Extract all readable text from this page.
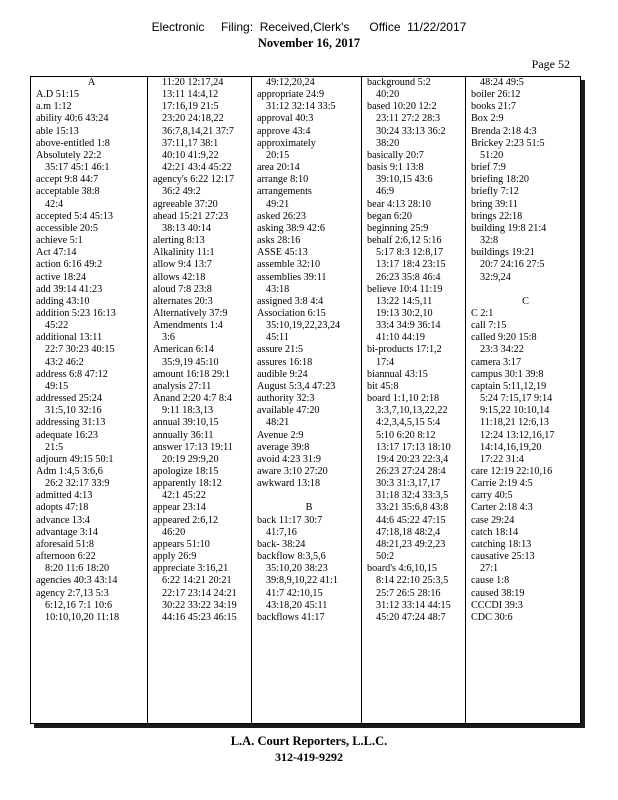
Electronic     Filing:  Received,Clerk's      Office  11/22/2017
November 16, 2017
Page 52
A
A.D 51:15
a.m 1:12
ability 40:6 43:24
able 15:13
above-entitled 1:8
Absolutely 22:2
35:17 45:1 46:1
accept 9:8 44:7
acceptable 38:8
42:4
accepted 5:4 45:13
accessible 20:5
achieve 5:1
Act 47:14
action 6:16 49:2
active 18:24
add 39:14 41:23
adding 43:10
addition 5:23 16:13
45:22
additional 13:11
22:7 30:23 40:15
43:2 46:2
address 6:8 47:12
49:15
addressed 25:24
31:5,10 32:16
addressing 31:13
adequate 16:23
21:5
adjourn 49:15 50:1
Adm 1:4,5 3:6,6
26:2 32:17 33:9
admitted 4:13
adopts 47:18
advance 13:4
advantage 3:14
aforesaid 51:8
afternoon 6:22
8:20 11:6 18:20
agencies 40:3 43:14
agency 2:7,13 5:3
6:12,16 7:1 10:6
10:10,10,20 11:18
11:20 12:17,24
13:11 14:4,12
17:16,19 21:5
23:20 24:18,22
36:7,8,14,21 37:7
37:11,17 38:1
40:10 41:9,22
42:21 43:4 45:22
agency's 6:22 12:17
36:2 49:2
agreeable 37:20
ahead 15:21 27:23
38:13 40:14
alerting 8:13
Alkalinity 11:1
allow 9:4 13:7
allows 42:18
aloud 7:8 23:8
alternates 20:3
Alternatively 37:9
Amendments 1:4
3:6
American 6:14
35:9,19 45:10
amount 16:18 29:1
analysis 27:11
Anand 2:20 4:7 8:4
9:11 18:3,13
annual 39:10,15
annually 36:11
answer 17:13 19:11
20:19 29:9,20
apologize 18:15
apparently 18:12
42:1 45:22
appear 23:14
appeared 2:6,12
46:20
appears 51:10
apply 26:9
appreciate 3:16,21
6:22 14:21 20:21
22:17 23:14 24:21
30:22 33:22 34:19
44:16 45:23 46:15
49:12,20,24
appropriate 24:9
31:12 32:14 33:5
approval 40:3
approve 43:4
approximately
20:15
area 20:14
arrange 8:10
arrangements
49:21
asked 26:23
asking 38:9 42:6
asks 28:16
ASSE 45:13
assemble 32:10
assemblies 39:11
43:18
assigned 3:8 4:4
Association 6:15
35:10,19,22,23,24
45:11
assure 21:5
assures 16:18
audible 9:24
August 5:3,4 47:23
authority 32:3
available 47:20
48:21
Avenue 2:9
average 39:8
avoid 4:23 31:9
aware 3:10 27:20
awkward 13:18

B
back 11:17 30:7
41:7,16
back- 38:24
backflow 8:3,5,6
35:10,20 38:23
39:8,9,10,22 41:1
41:7 42:10,15
43:18,20 45:11
backflows 41:17
background 5:2
40:20
based 10:20 12:2
23:11 27:2 28:3
30:24 33:13 36:2
38:20
basically 20:7
basis 9:1 13:8
39:10,15 43:6
46:9
bear 4:13 28:10
began 6:20
beginning 25:9
behalf 2:6,12 5:16
5:17 8:3 12:8,17
13:17 18:4 23:15
26:23 35:8 46:4
believe 10:4 11:19
13:22 14:5,11
19:13 30:2,10
33:4 34:9 36:14
41:10 44:19
bi-products 17:1,2
17:4
biannual 43:15
bit 45:8
board 1:1,10 2:18
3:3,7,10,13,22,22
4:2,3,4,5,15 5:4
5:10 6:20 8:12
13:17 17:13 18:10
19:4 20:23 22:3,4
26:23 27:24 28:4
30:3 31:3,17,17
31:18 32:4 33:3,5
33:21 35:6,8 43:8
44:6 45:22 47:15
47:18,18 48:2,4
48:21,23 49:2,23
50:2
board's 4:6,10,15
8:14 22:10 25:3,5
25:7 26:5 28:16
31:12 33:14 44:15
45:20 47:24 48:7
48:24 49:5
boiler 26:12
books 21:7
Box 2:9
Brenda 2:18 4:3
Brickey 2:23 51:5
51:20
brief 7:9
briefing 18:20
briefly 7:12
bring 39:11
brings 22:18
building 19:8 21:4
32:8
buildings 19:21
20:7 24:16 27:5
32:9,24

C
C 2:1
call 7:15
called 9:20 15:8
23:3 34:22
camera 3:17
campus 30:1 39:8
captain 5:11,12,19
5:24 7:15,17 9:14
9:15,22 10:10,14
11:18,21 12:6,13
12:24 13:12,16,17
14:14,16,19,20
17:22 31:4
care 12:19 22:10,16
Carrie 2:19 4:5
carry 40:5
Carter 2:18 4:3
case 29:24
catch 18:14
catching 18:13
causative 25:13
27:1
cause 1:8
caused 38:19
CCCDI 39:3
CDC 30:6
L.A. Court Reporters, L.L.C.
312-419-9292
